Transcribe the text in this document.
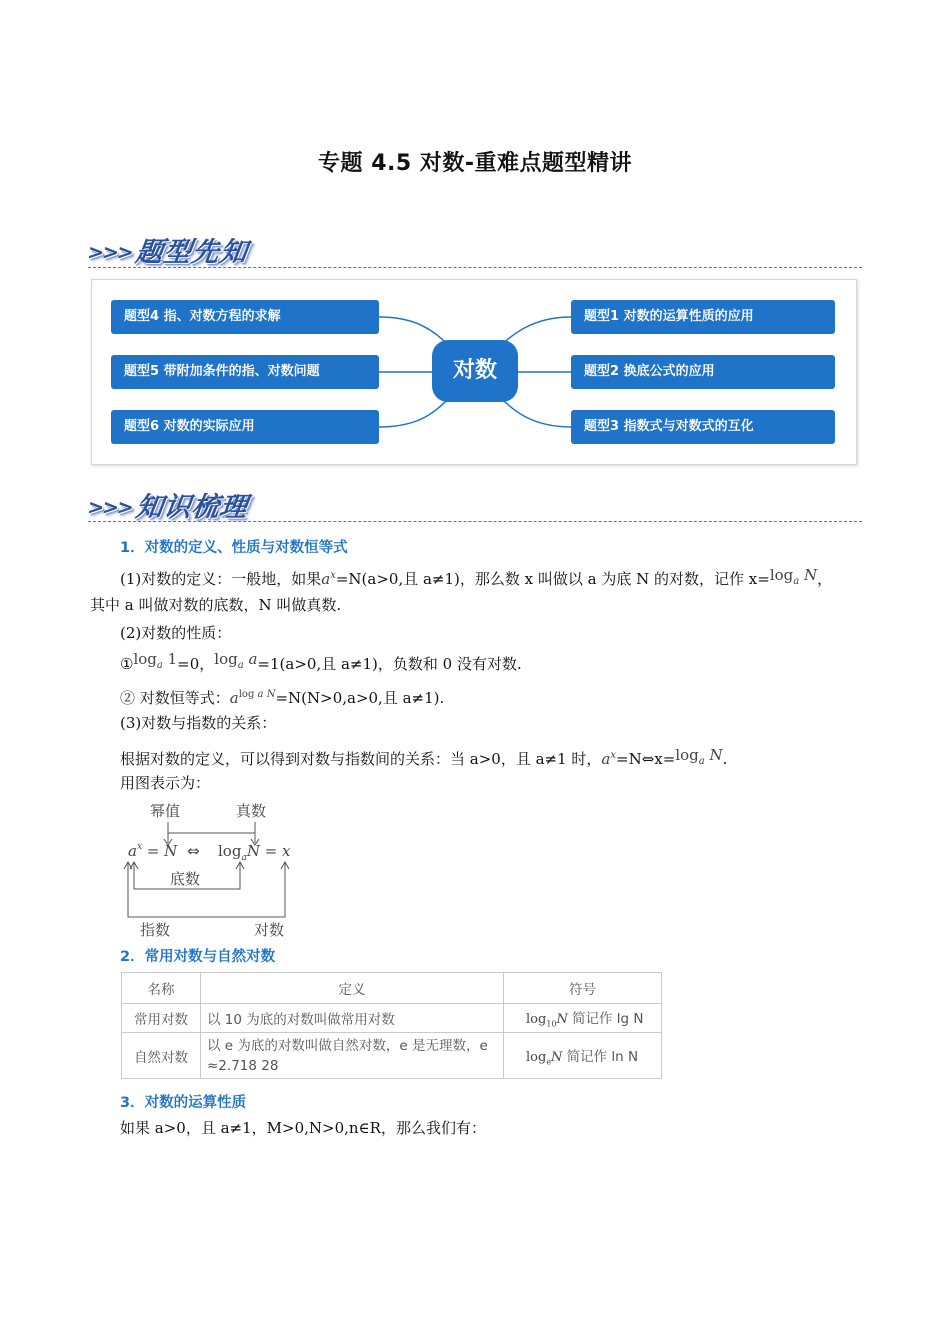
专题 4.5 对数-重难点题型精讲
>>>题型先知
题型4 指、对数方程的求解
题型5 带附加条件的指、对数问题
题型6 对数的实际应用
对数
题型1 对数的运算性质的应用
题型2 换底公式的应用
题型3 指数式与对数式的互化
>>>知识梳理
1．对数的定义、性质与对数恒等式
(1)对数的定义：一般地，如果$a^x=N(a>0$,且 a≠1)，那么数 x 叫做以 a 为底 N 的对数，记作 $x=\log_a$ N，
其中 a 叫做对数的底数，N 叫做真数.
(2)对数的性质：
$①\log_a$ 1=0，$\log_a a=1(a>0$,且 a≠1)，负数和 0 没有对数.
② 对数恒等式：$a^{log a N}=N(N>0,a>0$,且 a≠1).
(3)对数与指数的关系：
根据对数的定义，可以得到对数与指数间的关系：当 a>0，且 a≠1 时，$a^x=N\Leftrightarrow x=\log_a$ N.
用图表示为：
幂值	真数
$a^x = N$ ⇔ $\log_aN = x$
底数
指数	对数
2．常用对数与自然对数
名称	定义	符号
常用对数	以 10 为底的对数叫做常用对数	$\log_{10}N$ 简记作 lg N
自然对数	以 e 为底的对数叫做自然对数，e 是无理数，e ≈2.718 28	$\log_eN$ 简记作 ln N
3．对数的运算性质
如果 a>0，且 a≠1，M>0,N>0,n∈R，那么我们有：
